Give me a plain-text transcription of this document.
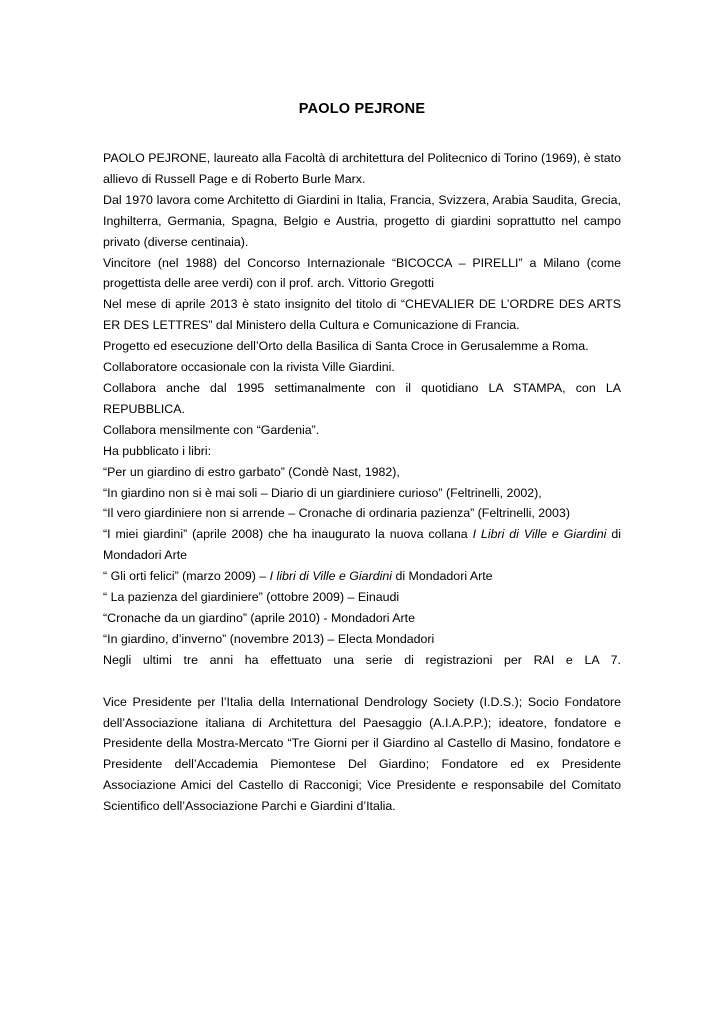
PAOLO PEJRONE

PAOLO PEJRONE, laureato alla Facoltà di architettura del Politecnico di Torino (1969), è stato allievo di Russell Page e di Roberto Burle Marx.

Dal 1970 lavora come Architetto di Giardini in Italia, Francia, Svizzera, Arabia Saudita, Grecia, Inghilterra, Germania, Spagna, Belgio e Austria, progetto di giardini soprattutto nel campo privato (diverse centinaia).

Vincitore (nel 1988) del Concorso Internazionale “BICOCCA – PIRELLI” a Milano (come progettista delle aree verdi) con il prof. arch. Vittorio Gregotti

Nel mese di aprile 2013 è stato insignito del titolo di “CHEVALIER DE L’ORDRE DES ARTS ER DES LETTRES” dal Ministero della Cultura e Comunicazione di Francia.

Progetto ed esecuzione dell’Orto della Basilica di Santa Croce in Gerusalemme a Roma.

Collaboratore occasionale con la rivista Ville Giardini.

Collabora anche dal 1995 settimanalmente con il quotidiano LA STAMPA, con LA REPUBBLICA.

Collabora mensilmente con “Gardenia”.

Ha pubblicato i libri:

“Per un giardino di estro garbato” (Condè Nast, 1982),

“In giardino non si è mai soli – Diario di un giardiniere curioso” (Feltrinelli, 2002),

“Il vero giardiniere non si arrende – Cronache di ordinaria pazienza” (Feltrinelli, 2003)

“I miei giardini” (aprile 2008) che ha inaugurato la nuova collana I Libri di Ville e Giardini di Mondadori Arte

“ Gli orti felici” (marzo 2009) – I libri di Ville e Giardini di Mondadori Arte

“ La pazienza del giardiniere” (ottobre 2009) – Einaudi

“Cronache da un giardino” (aprile 2010) - Mondadori Arte

“In giardino, d’inverno” (novembre 2013) – Electa Mondadori

Negli ultimi tre anni ha effettuato una serie di registrazioni per RAI e LA 7.

Vice Presidente per l’Italia della International Dendrology Society (I.D.S.); Socio Fondatore dell’Associazione italiana di Architettura del Paesaggio (A.I.A.P.P.); ideatore, fondatore e Presidente della Mostra-Mercato “Tre Giorni per il Giardino al Castello di Masino, fondatore e Presidente dell’Accademia Piemontese Del Giardino; Fondatore ed ex Presidente Associazione Amici del Castello di Racconigi; Vice Presidente e responsabile del Comitato Scientifico dell’Associazione Parchi e Giardini d’Italia.
